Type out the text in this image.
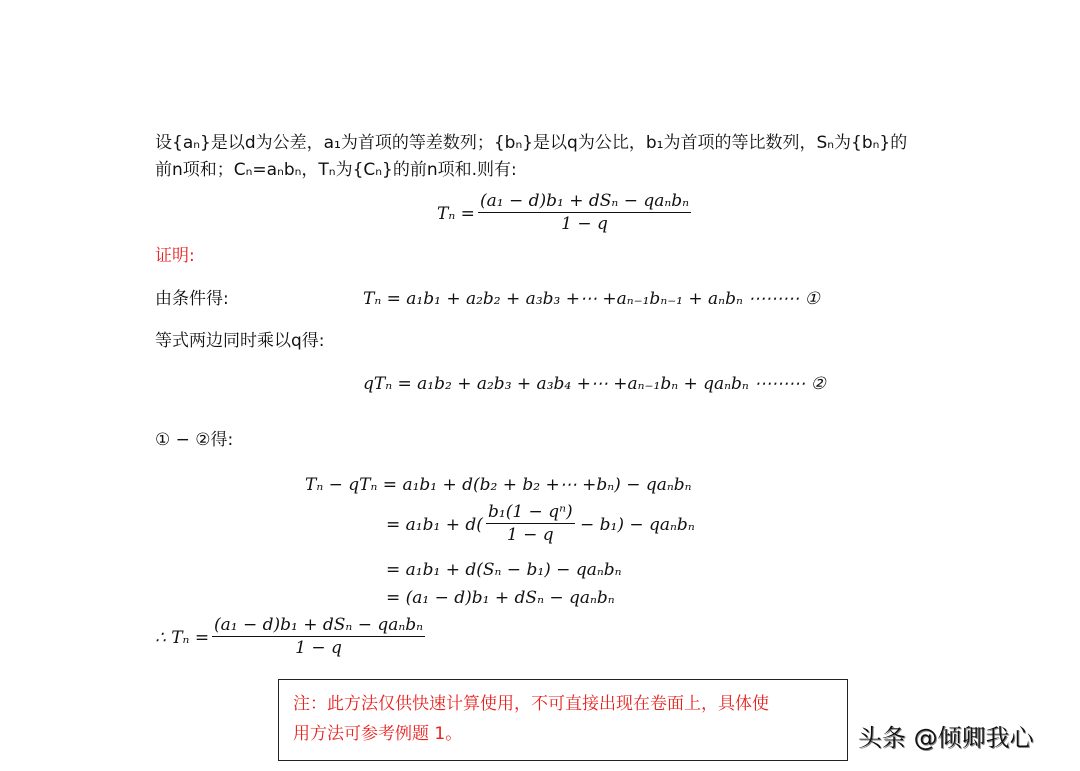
设{aₙ}是以d为公差，a₁为首项的等差数列；{bₙ}是以q为公比，b₁为首项的等比数列，Sₙ为{bₙ}的
前n项和；Cₙ=aₙbₙ，Tₙ为{Cₙ}的前n项和.则有:
Tₙ =
(a₁ − d)b₁ + dSₙ − qaₙbₙ
1 − q
证明:
由条件得:	Tₙ = a₁b₁ + a₂b₂ + a₃b₃ +⋯ +aₙ₋₁bₙ₋₁ + aₙbₙ ⋯⋯⋯ ①
等式两边同时乘以q得:
qTₙ = a₁b₂ + a₂b₃ + a₃b₄ +⋯ +aₙ₋₁bₙ + qaₙbₙ ⋯⋯⋯ ②
① − ②得:
Tₙ − qTₙ = a₁b₁ + d(b₂ + b₂ +⋯ +bₙ) − qaₙbₙ
= $a_1b_1 + d( \frac{\text{b₁(1 − qⁿ)}}{1 - q} - b_1) - qa_nb_n$
= a₁b₁ + d(Sₙ − b₁) − qaₙbₙ
= (a₁ − d)b₁ + dSₙ − qaₙbₙ
∴ Tₙ =
(a₁ − d)b₁ + dSₙ − qaₙbₙ
1 − q
注：此方法仅供快速计算使用，不可直接出现在卷面上，具体使
用方法可参考例题 1。	头条 @倾卿我心
